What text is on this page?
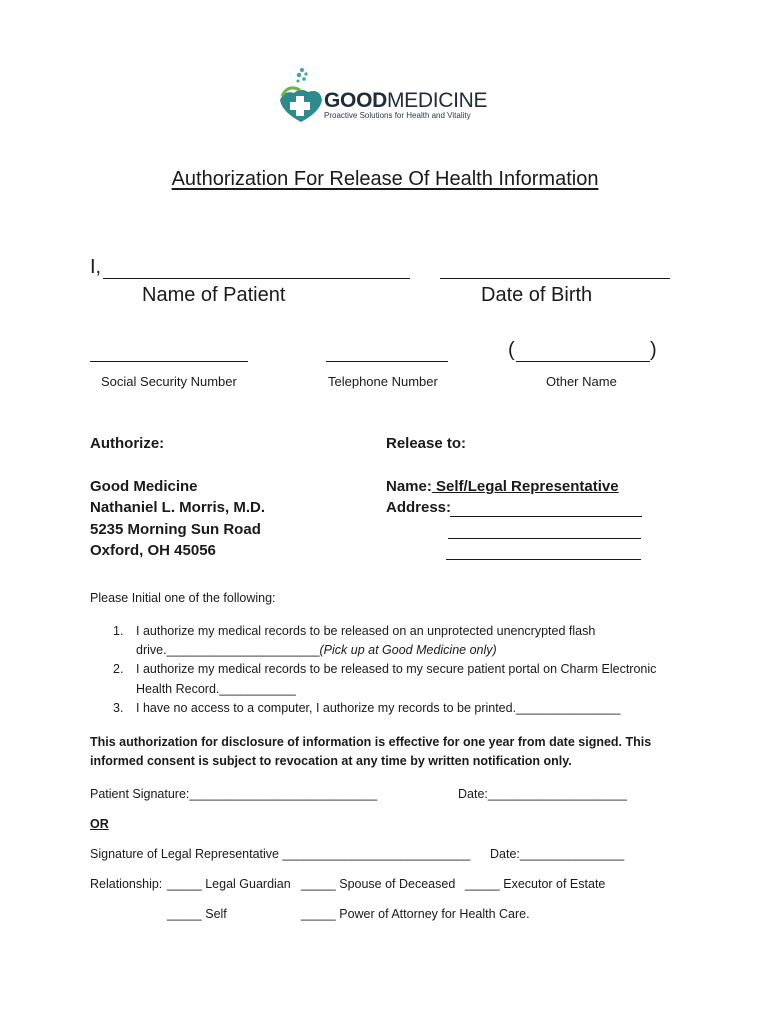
GOODMEDICINE
Proactive Solutions for Health and Vitality
Authorization For Release Of Health Information
I,
Name of Patient	Date of Birth
(	)
Social Security Number	Telephone Number	Other Name
Authorize:
Good Medicine
Nathaniel L. Morris, M.D.
5235 Morning Sun Road
Oxford, OH 45056
Release to:
Name: Self/Legal Representative
Address:
Please Initial one of the following:
1. I authorize my medical records to be released on an unprotected unencrypted flash
drive.______________________(Pick up at Good Medicine only)
2. I authorize my medical records to be released to my secure patient portal on Charm Electronic
Health Record.___________
3. I have no access to a computer, I authorize my records to be printed._______________
This authorization for disclosure of information is effective for one year from date signed. This
informed consent is subject to revocation at any time by written notification only.
Patient Signature:___________________________	Date:____________________
OR
Signature of Legal Representative ___________________________ Date:_______________
Relationship: _____ Legal Guardian _____ Spouse of Deceased _____ Executor of Estate
_____ Self	_____ Power of Attorney for Health Care.
